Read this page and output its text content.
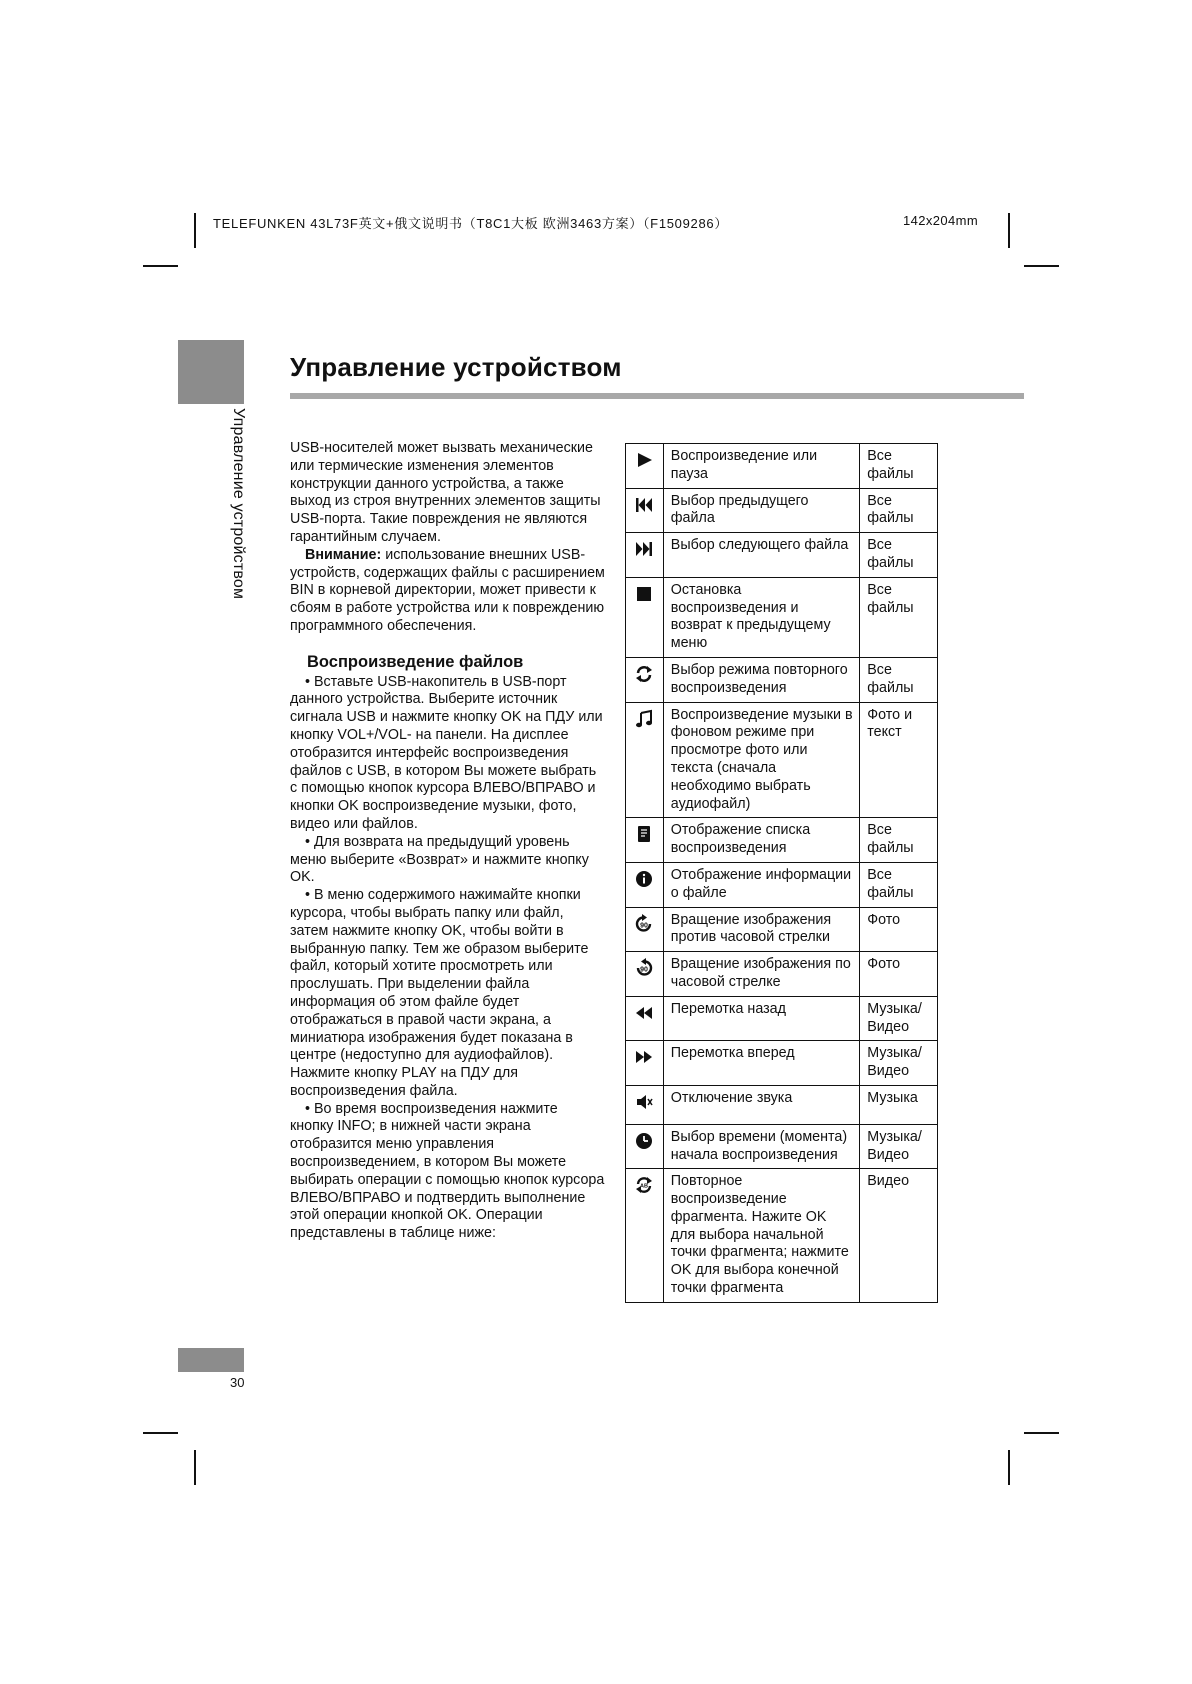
TELEFUNKEN 43L73F英文+俄文说明书（T8C1大板 欧洲3463方案）（F1509286）	142x204mm
Управление устройством
Управление устройством

USB-носителей может вызвать механические или термические изменения элементов конструкции данного устройства, а также выход из строя внутренних элементов защиты USB-порта. Такие повреждения не являются гарантийным случаем.

Внимание: использование внешних USB-устройств, содержащих файлы с расширением BIN в корневой директории, может привести к сбоям в работе устройства или к повреждению программного обеспечения.

Воспроизведение файлов

• Вставьте USB-накопитель в USB-порт данного устройства. Выберите источник сигнала USB и нажмите кнопку OK на ПДУ или кнопку VOL+/VOL- на панели. На дисплее отобразится интерфейс воспроизведения файлов с USB, в котором Вы можете выбрать с помощью кнопок курсора ВЛЕВО/ВПРАВО и кнопки OK воспроизведение музыки, фото, видео или файлов.

• Для возврата на предыдущий уровень меню выберите «Возврат» и нажмите кнопку OK.

• В меню содержимого нажимайте кнопки курсора, чтобы выбрать папку или файл, затем нажмите кнопку OK, чтобы войти в выбранную папку. Тем же образом выберите файл, который хотите просмотреть или прослушать. При выделении файла информация об этом файле будет отображаться в правой части экрана, а миниатюра изображения будет показана в центре (недоступно для аудиофайлов). Нажмите кнопку PLAY на ПДУ для воспроизведения файла.

• Во время воспроизведения нажмите кнопку INFO; в нижней части экрана отобразится меню управления воспроизведением, в котором Вы можете выбирать операции с помощью кнопок курсора ВЛЕВО/ВПРАВО и подтвердить выполнение этой операции кнопкой OK. Операции представлены в таблице ниже:

	Воспроизведение или пауза	Все файлы
	Выбор предыдущего файла	Все файлы
	Выбор следующего файла	Все файлы
	Остановка воспроизведения и возврат к предыдущему меню	Все файлы
	Выбор режима повторного воспроизведения	Все файлы
	Воспроизведение музыки в фоновом режиме при просмотре фото или текста (сначала необходимо выбрать аудиофайл)	Фото и текст
	Отображение списка воспроизведения	Все файлы
	Отображение информации о файле	Все файлы

90	Вращение изображения против часовой стрелки	Фото

90	Вращение изображения по часовой стрелке	Фото
	Перемотка назад	Музыка/ Видео
	Перемотка вперед	Музыка/ Видео
	Отключение звука	Музыка
	Выбор времени (момента) начала воспроизведения	Музыка/ Видео

AB	Повторное воспроизведение фрагмента. Нажите OK для выбора начальной точки фрагмента; нажмите OK для выбора конечной точки фрагмента	Видео
30
